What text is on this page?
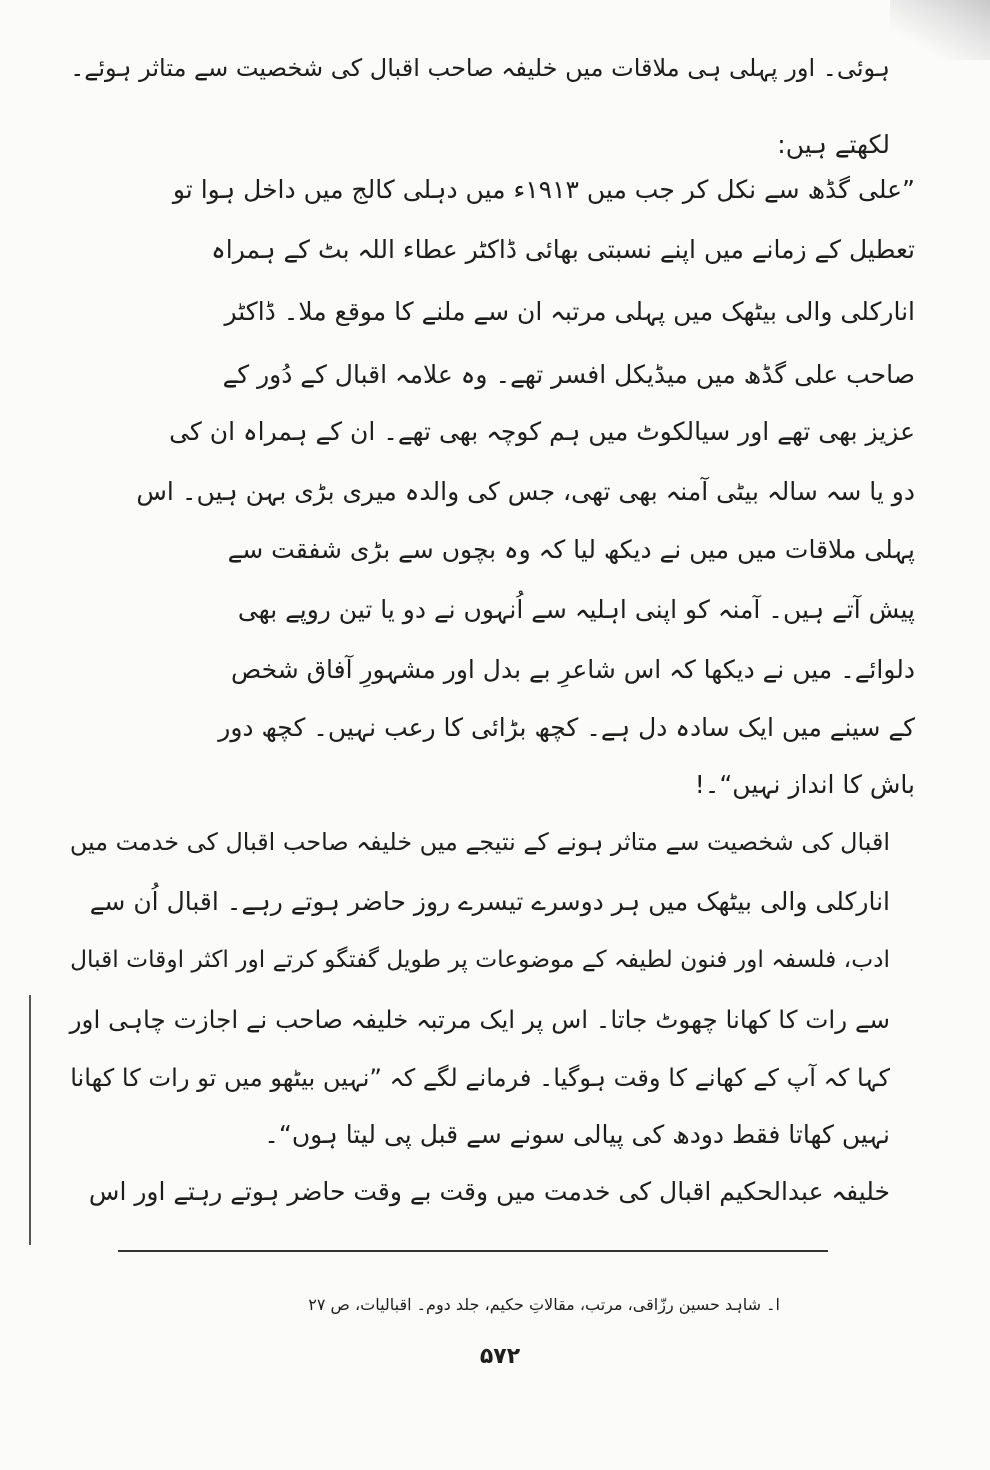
ہوئی۔ اور پہلی ہی ملاقات میں خلیفہ صاحب اقبال کی شخصیت سے متاثر ہوئے۔
لکھتے ہیں:
”علی گڈھ سے نکل کر جب میں ۱۹۱۳ء میں دہلی کالج میں داخل ہوا تو
تعطیل کے زمانے میں اپنے نسبتی بھائی ڈاکٹر عطاء اللہ بٹ کے ہمراہ
انارکلی والی بیٹھک میں پہلی مرتبہ ان سے ملنے کا موقع ملا۔ ڈاکٹر
صاحب علی گڈھ میں میڈیکل افسر تھے۔ وہ علامہ اقبال کے دُور کے
عزیز بھی تھے اور سیالکوٹ میں ہم کوچہ بھی تھے۔ ان کے ہمراہ ان کی
دو یا سہ سالہ بیٹی آمنہ بھی تھی، جس کی والدہ میری بڑی بہن ہیں۔ اس
پہلی ملاقات میں میں نے دیکھ لیا کہ وہ بچوں سے بڑی شفقت سے
پیش آتے ہیں۔ آمنہ کو اپنی اہلیہ سے اُنہوں نے دو یا تین روپے بھی
دلوائے۔ میں نے دیکھا کہ اس شاعرِ بے بدل اور مشہورِ آفاق شخص
کے سینے میں ایک سادہ دل ہے۔ کچھ بڑائی کا رعب نہیں۔ کچھ دور
باش کا انداز نہیں“۔!
اقبال کی شخصیت سے متاثر ہونے کے نتیجے میں خلیفہ صاحب اقبال کی خدمت میں
انارکلی والی بیٹھک میں ہر دوسرے تیسرے روز حاضر ہوتے رہے۔ اقبال اُن سے
ادب، فلسفہ اور فنون لطیفہ کے موضوعات پر طویل گفتگو کرتے اور اکثر اوقات اقبال
سے رات کا کھانا چھوٹ جاتا۔ اس پر ایک مرتبہ خلیفہ صاحب نے اجازت چاہی اور
کہا کہ آپ کے کھانے کا وقت ہوگیا۔ فرمانے لگے کہ ”نہیں بیٹھو میں تو رات کا کھانا
نہیں کھاتا فقط دودھ کی پیالی سونے سے قبل پی لیتا ہوں“۔
خلیفہ عبدالحکیم اقبال کی خدمت میں وقت بے وقت حاضر ہوتے رہتے اور اس
ا۔ شاہد حسین رزّاقی، مرتب، مقالاتِ حکیم، جلد دوم۔ اقبالیات، ص ۲۷
۵۷۲
